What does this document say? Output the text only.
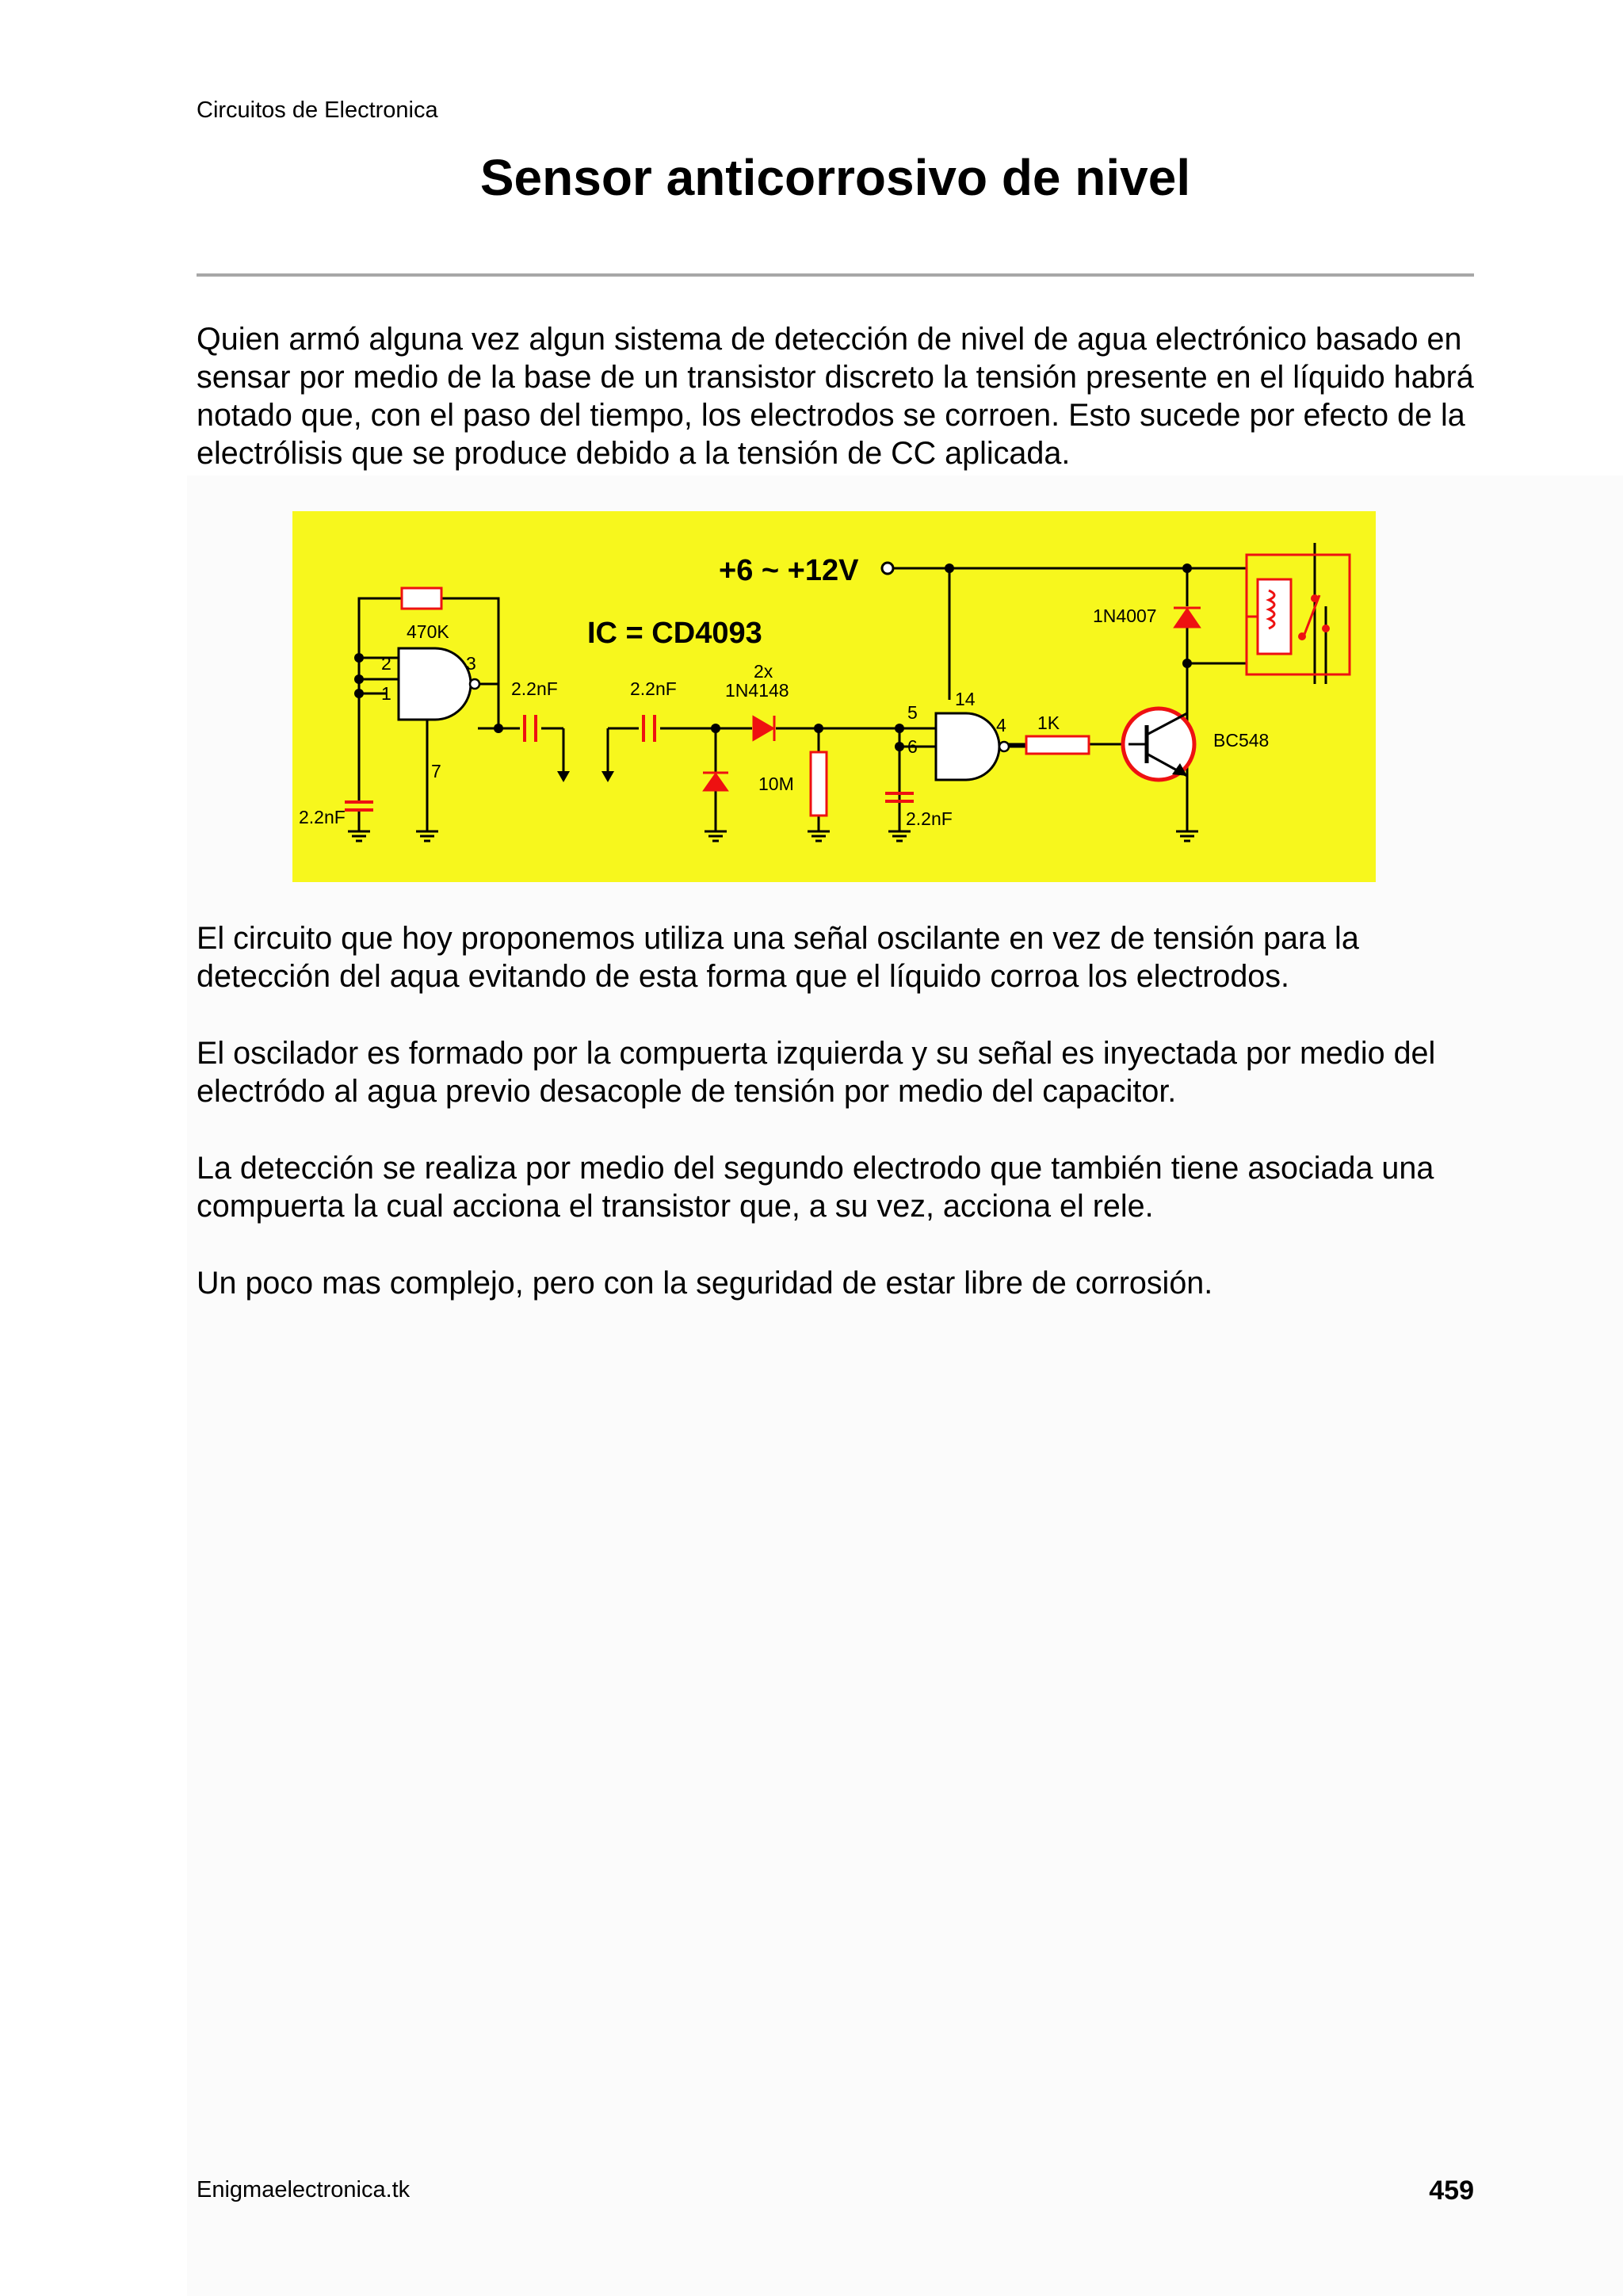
Circuitos de Electronica
Sensor anticorrosivo de nivel

Quien armó alguna vez algun sistema de detección de nivel de agua electrónico basado en sensar por medio de la base de un transistor discreto la tensión presente en el líquido habrá notado que, con el paso del tiempo, los electrodos se corroen. Esto sucede por efecto de la electrólisis que se produce debido a la tensión de CC aplicada.

+6 ~ +12V
IC = CD4093
470K
2.2nF
2.2nF	2.2nF
2x
1N4148
10M
2.2nF
1K
BC548
1N4007
1
2	3
4
5
6
7
14

El circuito que hoy proponemos utiliza una señal oscilante en vez de tensión para la detección del aqua evitando de esta forma que el líquido corroa los electrodos.

El oscilador es formado por la compuerta izquierda y su señal es inyectada por medio del electródo al agua previo desacople de tensión por medio del capacitor.

La detección se realiza por medio del segundo electrodo que también tiene asociada una compuerta la cual acciona el transistor que, a su vez, acciona el rele.

Un poco mas complejo, pero con la seguridad de estar libre de corrosión.

Enigmaelectronica.tk	459
